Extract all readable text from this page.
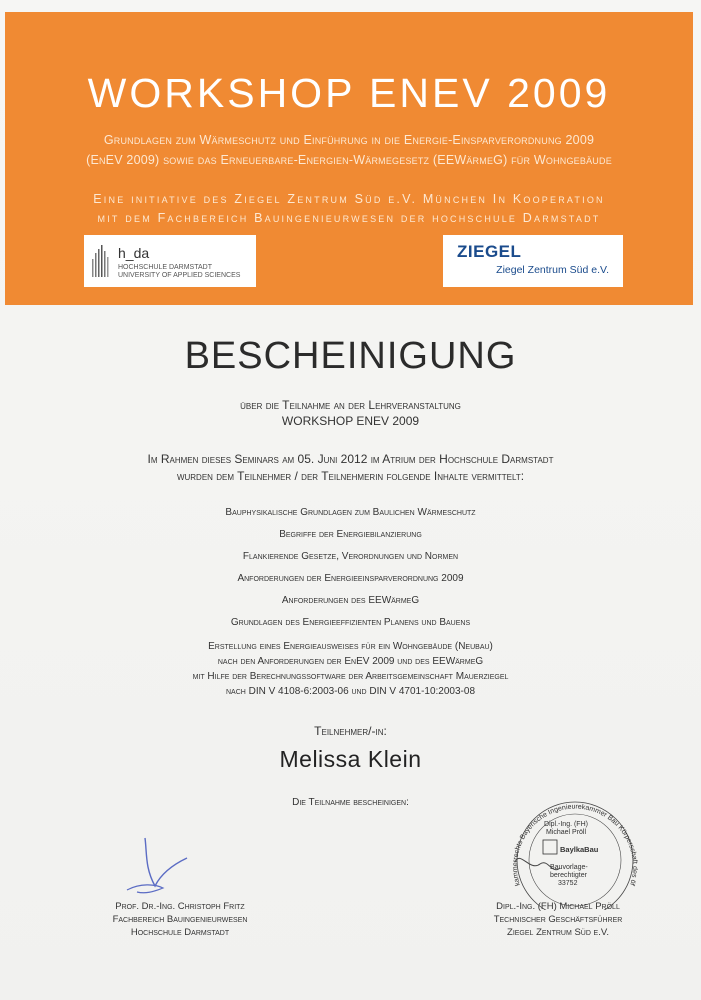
WORKSHOP ENEV 2009
Grundlagen zum Wärmeschutz und Einführung in die Energie-Einsparverordnung 2009
(EnEV 2009) sowie das Erneuerbare-Energien-Wärmegesetz (EEWärmeG) für Wohngebäude
Eine initiative des Ziegel Zentrum Süd e.V. München In Kooperation
mit dem Fachbereich Bauingenieurwesen der hochschule Darmstadt
h_da
HOCHSCHULE DARMSTADT
UNIVERSITY OF APPLIED SCIENCES
ZIEGEL
Ziegel Zentrum Süd e.V.
BESCHEINIGUNG
über die Teilnahme an der Lehrveranstaltung
WORKSHOP ENEV 2009
Im Rahmen dieses Seminars am 05. Juni 2012 im Atrium der Hochschule Darmstadt
wurden dem Teilnehmer / der Teilnehmerin folgende Inhalte vermittelt:
Bauphysikalische Grundlagen zum Baulichen Wärmeschutz
Begriffe der Energiebilanzierung
Flankierende Gesetze, Verordnungen und Normen
Anforderungen der Energieeinsparverordnung 2009
Anforderungen des EEWärmeG
Grundlagen des Energieeffizienten Planens und Bauens
Erstellung eines Energieausweises für ein Wohngebäude (Neubau)
nach den Anforderungen der EnEV 2009 und des EEWärmeG
mit Hilfe der Berechnungssoftware der Arbeitsgemeinschaft Mauerziegel
nach DIN V 4108-6:2003-06 und DIN V 4701-10:2003-08
Teilnehmer/-in:
Melissa Klein
Die Teilnahme bescheinigen:
kammerrechts Bayerische Ingenieurekammer Bau Körperschaft des öf
Dipl.-Ing. (FH)
Michael Pröll
BaylkaBau
Bauvorlage-
berechtigter
33752
Prof. Dr.-Ing. Christoph Fritz
Fachbereich Bauingenieurwesen
Hochschule Darmstadt
Dipl.-Ing. (FH) Michael Pröll
Technischer Geschäftsführer
Ziegel Zentrum Süd e.V.
